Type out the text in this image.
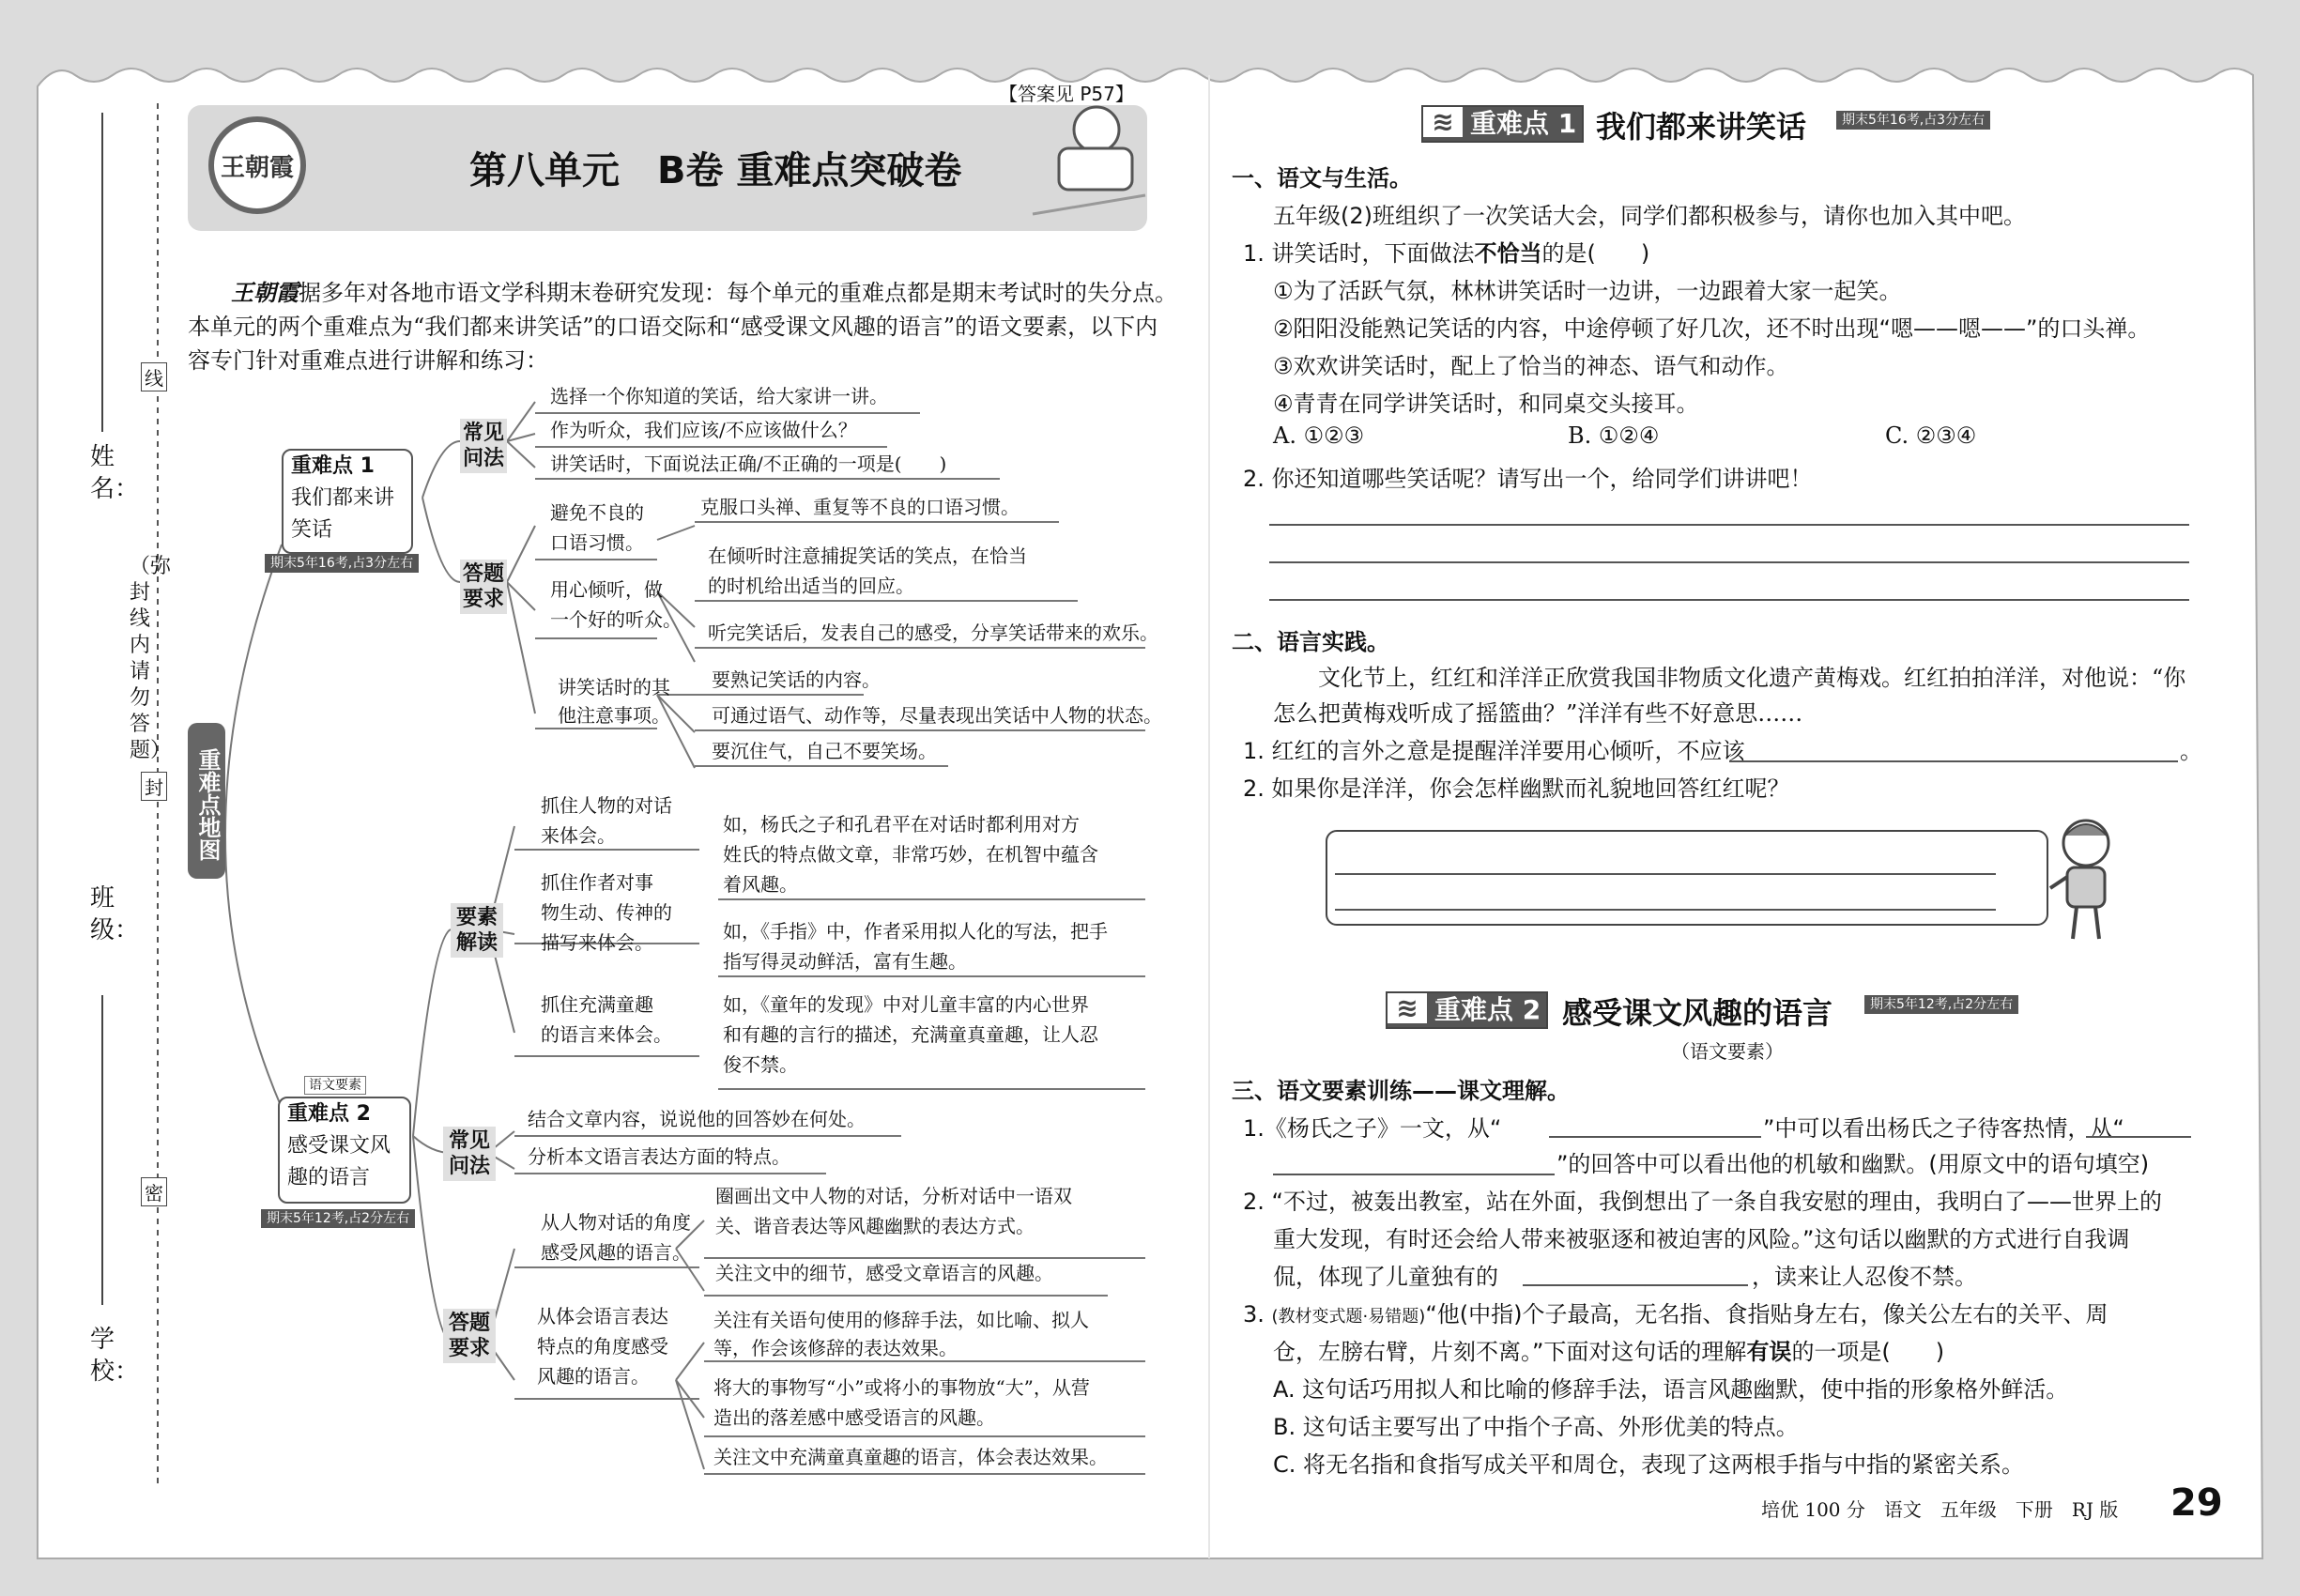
姓名：
班级：
学校：
（弥封线内请勿答题）
线
封
密
【答案见 P57】
王朝霞	第八单元　B卷 重难点突破卷
王朝霞据多年对各地市语文学科期末卷研究发现：每个单元的重难点都是期末考试时的失分点。
本单元的两个重难点为“我们都来讲笑话”的口语交际和“感受课文风趣的语言”的语文要素，以下内
容专门针对重难点进行讲解和练习：
重难点地图
重难点 1
我们都来讲
笑话
期末5年16考,占3分左右
常见
问法
选择一个你知道的笑话，给大家讲一讲。
作为听众，我们应该/不应该做什么？
讲笑话时，下面说法正确/不正确的一项是(　　)
答题
要求
避免不良的
口语习惯。
克服口头禅、重复等不良的口语习惯。
用心倾听，做
一个好的听众。
在倾听时注意捕捉笑话的笑点，在恰当
的时机给出适当的回应。
听完笑话后，发表自己的感受，分享笑话带来的欢乐。
讲笑话时的其
他注意事项。
要熟记笑话的内容。
可通过语气、动作等，尽量表现出笑话中人物的状态。
要沉住气，自己不要笑场。
语文要素
重难点 2
感受课文风
趣的语言
期末5年12考,占2分左右
要素
解读
抓住人物的对话
来体会。	如，杨氏之子和孔君平在对话时都利用对方
姓氏的特点做文章，非常巧妙，在机智中蕴含
着风趣。
抓住作者对事
物生动、传神的
描写来体会。	如，《手指》中，作者采用拟人化的写法，把手
指写得灵动鲜活，富有生趣。
抓住充满童趣
的语言来体会。
如，《童年的发现》中对儿童丰富的内心世界
和有趣的言行的描述，充满童真童趣，让人忍
俊不禁。
常见
问法
结合文章内容，说说他的回答妙在何处。
分析本文语言表达方面的特点。
答题
要求
从人物对话的角度
感受风趣的语言。
圈画出文中人物的对话，分析对话中一语双
关、谐音表达等风趣幽默的表达方式。
关注文中的细节，感受文章语言的风趣。
从体会语言表达
特点的角度感受
风趣的语言。
关注有关语句使用的修辞手法，如比喻、拟人
等，作会该修辞的表达效果。
将大的事物写“小”或将小的事物放“大”，从营
造出的落差感中感受语言的风趣。
关注文中充满童真童趣的语言，体会表达效果。
≋ 重难点 1 我们都来讲笑话	期末5年16考,占3分左右
一、语文与生活。
五年级(2)班组织了一次笑话大会，同学们都积极参与，请你也加入其中吧。
1. 讲笑话时，下面做法不恰当的是(　　)
①为了活跃气氛，林林讲笑话时一边讲，一边跟着大家一起笑。
②阳阳没能熟记笑话的内容，中途停顿了好几次，还不时出现“嗯——嗯——”的口头禅。
③欢欢讲笑话时，配上了恰当的神态、语气和动作。
④青青在同学讲笑话时，和同桌交头接耳。
A. ①②③	B. ①②④	C. ②③④
2. 你还知道哪些笑话呢？请写出一个，给同学们讲讲吧！
二、语言实践。
文化节上，红红和洋洋正欣赏我国非物质文化遗产黄梅戏。红红拍拍洋洋，对他说：“你
怎么把黄梅戏听成了摇篮曲？”洋洋有些不好意思……
1. 红红的言外之意是提醒洋洋要用心倾听，不应该	。
2. 如果你是洋洋，你会怎样幽默而礼貌地回答红红呢？
≋ 重难点 2 感受课文风趣的语言	期末5年12考,占2分左右
（语文要素）
三、语文要素训练——课文理解。
1.《杨氏之子》一文，从“	”中可以看出杨氏之子待客热情，从“
”的回答中可以看出他的机敏和幽默。(用原文中的语句填空)
2. “不过，被轰出教室，站在外面，我倒想出了一条自我安慰的理由，我明白了——世界上的
重大发现，有时还会给人带来被驱逐和被迫害的风险。”这句话以幽默的方式进行自我调
侃，体现了儿童独有的	，读来让人忍俊不禁。
3. (教材变式题·易错题)“他(中指)个子最高，无名指、食指贴身左右，像关公左右的关平、周
仓，左膀右臂，片刻不离。”下面对这句话的理解有误的一项是(　　)
A. 这句话巧用拟人和比喻的修辞手法，语言风趣幽默，使中指的形象格外鲜活。
B. 这句话主要写出了中指个子高、外形优美的特点。
C. 将无名指和食指写成关平和周仓，表现了这两根手指与中指的紧密关系。
培优 100 分　语文　五年级　下册　RJ 版 29
